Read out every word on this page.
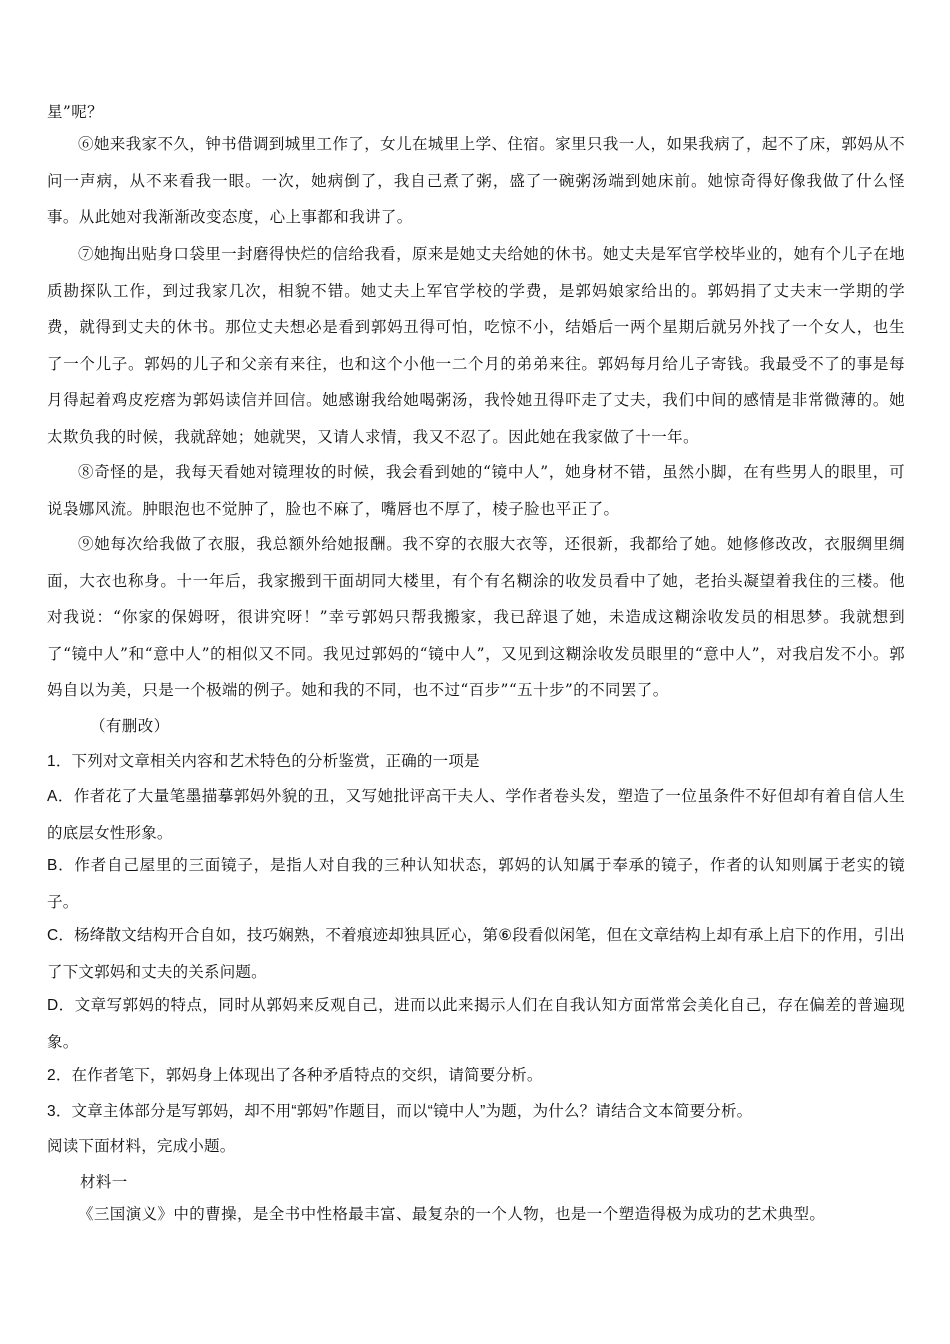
星”呢？
⑥她来我家不久，钟书借调到城里工作了，女儿在城里上学、住宿。家里只我一人，如果我病了，起不了床，郭妈从不问一声病，从不来看我一眼。一次，她病倒了，我自己煮了粥，盛了一碗粥汤端到她床前。她惊奇得好像我做了什么怪事。从此她对我渐渐改变态度，心上事都和我讲了。
⑦她掏出贴身口袋里一封磨得快烂的信给我看，原来是她丈夫给她的休书。她丈夫是军官学校毕业的，她有个儿子在地质勘探队工作，到过我家几次，相貌不错。她丈夫上军官学校的学费，是郭妈娘家给出的。郭妈捐了丈夫末一学期的学费，就得到丈夫的休书。那位丈夫想必是看到郭妈丑得可怕，吃惊不小，结婚后一两个星期后就另外找了一个女人，也生了一个儿子。郭妈的儿子和父亲有来往，也和这个小他一二个月的弟弟来往。郭妈每月给儿子寄钱。我最受不了的事是每月得起着鸡皮疙瘩为郭妈读信并回信。她感谢我给她喝粥汤，我怜她丑得吓走了丈夫，我们中间的感情是非常微薄的。她太欺负我的时候，我就辞她；她就哭，又请人求情，我又不忍了。因此她在我家做了十一年。
⑧奇怪的是，我每天看她对镜理妆的时候，我会看到她的“镜中人”，她身材不错，虽然小脚，在有些男人的眼里，可说袅娜风流。肿眼泡也不觉肿了，脸也不麻了，嘴唇也不厚了，棱子脸也平正了。
⑨她每次给我做了衣服，我总额外给她报酬。我不穿的衣服大衣等，还很新，我都给了她。她修修改改，衣服绸里绸面，大衣也称身。十一年后，我家搬到干面胡同大楼里，有个有名糊涂的收发员看中了她，老抬头凝望着我住的三楼。他对我说：“你家的保姆呀，很讲究呀！”幸亏郭妈只帮我搬家，我已辞退了她，未造成这糊涂收发员的相思梦。我就想到了“镜中人”和“意中人”的相似又不同。我见过郭妈的“镜中人”，又见到这糊涂收发员眼里的“意中人”，对我启发不小。郭妈自以为美，只是一个极端的例子。她和我的不同，也不过“百步”“五十步”的不同罢了。
（有删改）
1．下列对文章相关内容和艺术特色的分析鉴赏，正确的一项是
A．作者花了大量笔墨描摹郭妈外貌的丑，又写她批评高干夫人、学作者卷头发，塑造了一位虽条件不好但却有着自信人生的底层女性形象。
B．作者自己屋里的三面镜子，是指人对自我的三种认知状态，郭妈的认知属于奉承的镜子，作者的认知则属于老实的镜子。
C．杨绛散文结构开合自如，技巧娴熟，不着痕迹却独具匠心，第⑥段看似闲笔，但在文章结构上却有承上启下的作用，引出了下文郭妈和丈夫的关系问题。
D．文章写郭妈的特点，同时从郭妈来反观自己，进而以此来揭示人们在自我认知方面常常会美化自己，存在偏差的普遍现象。
2．在作者笔下，郭妈身上体现出了各种矛盾特点的交织，请简要分析。
3．文章主体部分是写郭妈，却不用“郭妈”作题目，而以“镜中人”为题，为什么？请结合文本简要分析。
阅读下面材料，完成小题。
材料一
《三国演义》中的曹操，是全书中性格最丰富、最复杂的一个人物，也是一个塑造得极为成功的艺术典型。
